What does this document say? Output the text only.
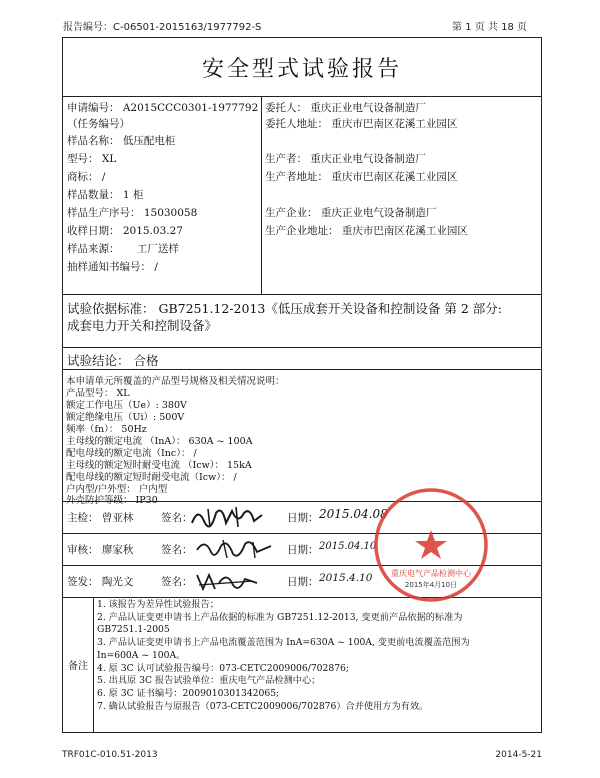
报告编号：C-06501-2015163/1977792-S	第 1 页 共 18 页
安全型式试验报告
申请编号： A2015CCC0301-1977792
（任务编号）
样品名称： 低压配电柜
型号： XL
商标： /
样品数量： 1 柜
样品生产序号： 15030058
收样日期： 2015.03.27
样品来源： 工厂送样
抽样通知书编号： /
委托人： 重庆正业电气设备制造厂
委托人地址： 重庆市巴南区花溪工业园区
生产者： 重庆正业电气设备制造厂
生产者地址： 重庆市巴南区花溪工业园区
生产企业： 重庆正业电气设备制造厂
生产企业地址： 重庆市巴南区花溪工业园区
试验依据标准： GB7251.12-2013《低压成套开关设备和控制设备 第 2 部分:
成套电力开关和控制设备》
试验结论： 合格
本申请单元所覆盖的产品型号规格及相关情况说明：
产品型号： XL
额定工作电压（Ue）: 380V
额定绝缘电压（Ui）: 500V
频率（fn）： 50Hz
主母线的额定电流 （InA）： 630A ~ 100A
配电母线的额定电流（Inc）： /
主母线的额定短时耐受电流 （Icw）： 15kA
配电母线的额定短时耐受电流（Icw）： /
户内型/户外型： 户内型
外壳防护等级： IP30
主检： 曾亚林	签名：	日期： 2015.04.08
审核： 廖家秋	签名：	日期： 2015.04.10
签发： 陶光文	签名：	日期： 2015.4.10
备注
1. 该报告为差异性试验报告；
2. 产品认证变更申请书上产品依据的标准为 GB7251.12-2013, 变更前产品依据的标准为
GB7251.1-2005
3. 产品认证变更申请书上产品电流覆盖范围为 InA=630A ~ 100A, 变更前电流覆盖范围为
In=600A ~ 100A。
4. 原 3C 认可试验报告编号：073-CETC2009006/702876;
5. 出具原 3C 报告试验单位：重庆电气产品检测中心；
6. 原 3C 证书编号：2009010301342065;
7. 确认试验报告与原报告（073-CETC2009006/702876）合并使用方为有效。
重庆电气产品检测中心
2015年4月10日
TRF01C-010.51-2013	2014-5-21
